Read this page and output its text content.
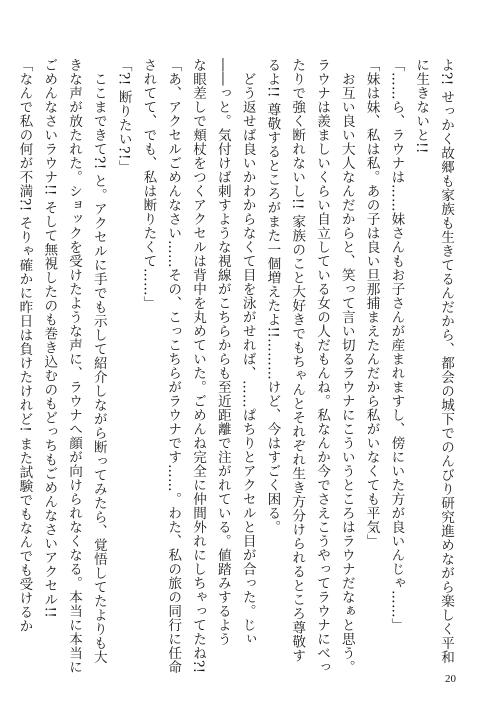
よ?! せっかく故郷も家族も生きてるんだから、都会の城下でのんびり研究進めながら楽しく平和
に生きないと!!
「……ら、ラウナは……妹さんもお子さんが産まれますし、傍にいた方が良いんじゃ……」
「妹は妹、私は私。あの子は良い旦那捕まえたんだから私がいなくても平気」
　お互い良い大人なんだからと、笑って言い切るラウナにこういうところはラウナだなぁと思う。
ラウナは羨ましいくらい自立している女の人だもんね。私なんか今でさえこうやってラウナにべっ
たりで強く断れないし!! 家族のこと大好きでもちゃんとそれぞれ生き方分けられるところ尊敬す
るよ!! 尊敬するところがまた一個増えたよ!!………けど、今はすごく困る。
　どう返せば良いかわからなくて目を泳がせれば、……ぱちりとアクセルと目が合った。じぃ
――っと。気付けば刺すような視線がこちらからも至近距離で注がれている。値踏みするよう
な眼差しで頬杖をつくアクセルは背中を丸めていた。ごめんね完全に仲間外れにしちゃってたね?!
「あ、アクセルごめんなさい……その、こっこちらがラウナです……。わた、私の旅の同行に任命
されてて、でも、私は断りたくて……」
「?! 断りたい?!」
　ここまできて?! と。アクセルに手でも示して紹介しながら断ってみたら、覚悟してたよりも大
きな声が放たれた。ショックを受けたような声に、ラウナへ顔が向けられなくなる。本当に本当に
ごめんなさいラウナ!! そして無視したのも巻き込むのもどっちもごめんなさいアクセル!!
「なんで私の何が不満?! そりゃ確かに昨日は負けたけれど! また試験でもなんでも受けるか
20
